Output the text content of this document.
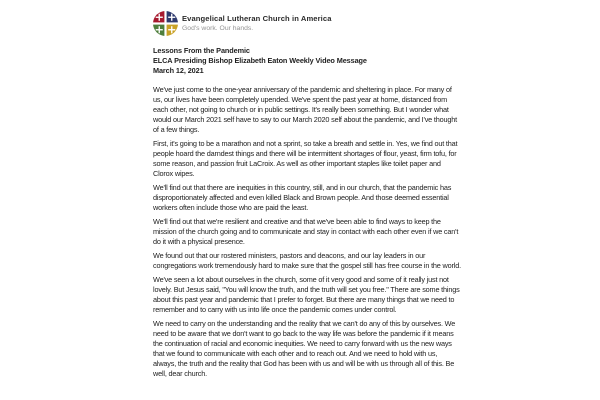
Evangelical Lutheran Church in America
God's work. Our hands.
Lessons From the Pandemic
ELCA Presiding Bishop Elizabeth Eaton Weekly Video Message
March 12, 2021

We've just come to the one-year anniversary of the pandemic and sheltering in place. For many of us, our lives have been completely upended. We've spent the past year at home, distanced from each other, not going to church or in public settings. It's really been something. But I wonder what would our March 2021 self have to say to our March 2020 self about the pandemic, and I've thought of a few things.

First, it's going to be a marathon and not a sprint, so take a breath and settle in. Yes, we find out that people hoard the darndest things and there will be intermittent shortages of flour, yeast, firm tofu, for some reason, and passion fruit LaCroix. As well as other important staples like toilet paper and Clorox wipes.

We'll find out that there are inequities in this country, still, and in our church, that the pandemic has disproportionately affected and even killed Black and Brown people. And those deemed essential workers often include those who are paid the least.

We'll find out that we're resilient and creative and that we've been able to find ways to keep the mission of the church going and to communicate and stay in contact with each other even if we can't do it with a physical presence.

We found out that our rostered ministers, pastors and deacons, and our lay leaders in our congregations work tremendously hard to make sure that the gospel still has free course in the world.

We've seen a lot about ourselves in the church, some of it very good and some of it really just not lovely. But Jesus said, "You will know the truth, and the truth will set you free." There are some things about this past year and pandemic that I prefer to forget. But there are many things that we need to remember and to carry with us into life once the pandemic comes under control.

We need to carry on the understanding and the reality that we can't do any of this by ourselves. We need to be aware that we don't want to go back to the way life was before the pandemic if it means the continuation of racial and economic inequities. We need to carry forward with us the new ways that we found to communicate with each other and to reach out. And we need to hold with us, always, the truth and the reality that God has been with us and will be with us through all of this. Be well, dear church.
